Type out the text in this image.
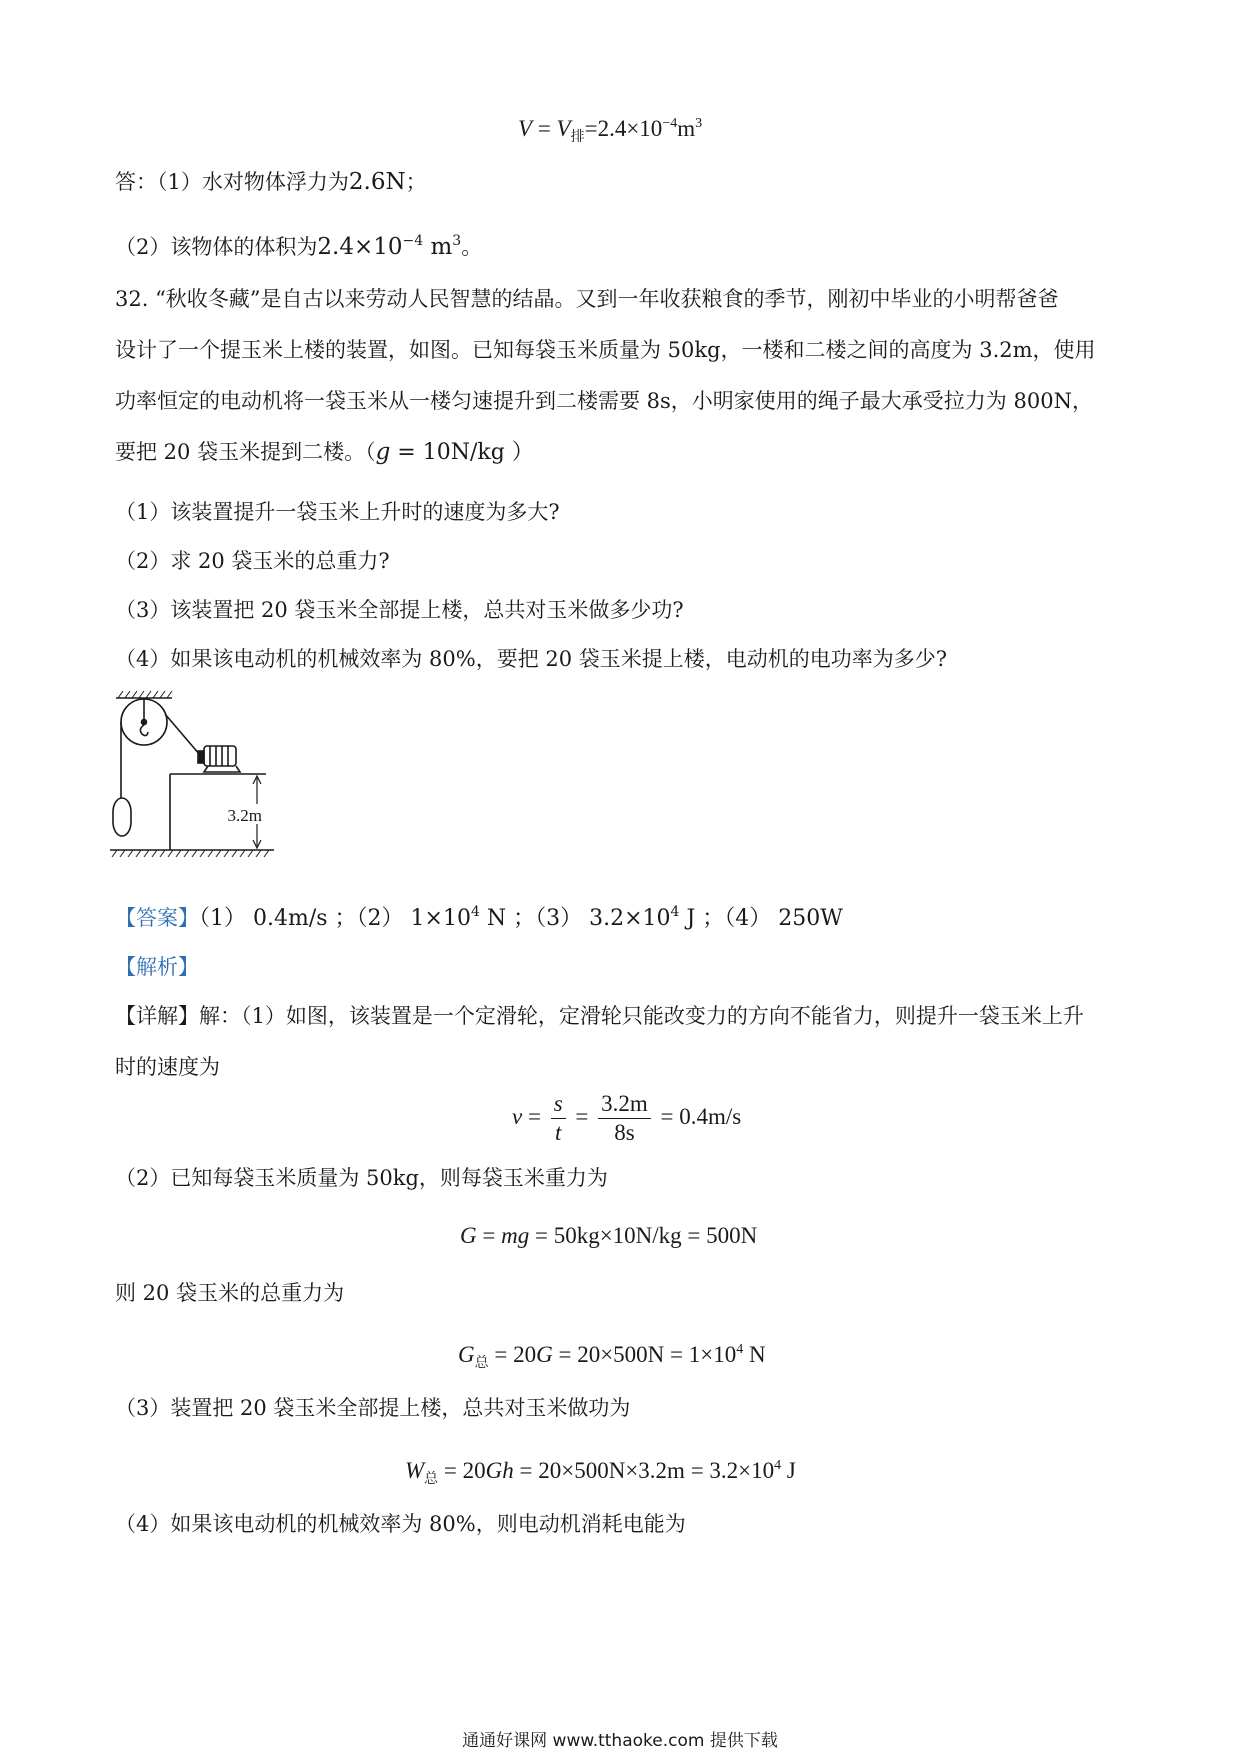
$V = V_排=2.4\times 10^{-4}m^3$
答：（1）水对物体浮力为2.6N；
（2）该物体的体积为$2.4\times 10^{-4}$ $m^3$。
32. “秋收冬藏”是自古以来劳动人民智慧的结晶。又到一年收获粮食的季节，刚初中毕业的小明帮爸爸
设计了一个提玉米上楼的装置，如图。已知每袋玉米质量为 50kg，一楼和二楼之间的高度为 3.2m，使用
功率恒定的电动机将一袋玉米从一楼匀速提升到二楼需要 8s，小明家使用的绳子最大承受拉力为 800N，
要把 20 袋玉米提到二楼。（g = 10N/kg ）
（1）该装置提升一袋玉米上升时的速度为多大?
（2）求 20 袋玉米的总重力?
（3）该装置把 20 袋玉米全部提上楼，总共对玉米做多少功?
（4）如果该电动机的机械效率为 80%，要把 20 袋玉米提上楼，电动机的电功率为多少?
3.2m
【答案】（1） 0.4m/s ；（2） $1\times 10^4$ N ；（3） $3.2\times 10^4$ J ；（4） 250W
【解析】
【详解】解：（1）如图，该装置是一个定滑轮，定滑轮只能改变力的方向不能省力，则提升一袋玉米上升
时的速度为
$v = \frac{s}{t} = \frac{3.2m}{8s} = 0.4m/s$
（2）已知每袋玉米质量为 50kg，则每袋玉米重力为
G = mg = 50kg×10N/kg = 500N
则 20 袋玉米的总重力为
$G_总 = 20G = 20\times 500N = 1\times 10^4$ N
（3）装置把 20 袋玉米全部提上楼，总共对玉米做功为
$W_总 = 20Gh = 20\times 500N\times 3.2m = 3.2\times 10^4$ J
（4）如果该电动机的机械效率为 80%，则电动机消耗电能为
通通好课网 www.tthaoke.com 提供下载
